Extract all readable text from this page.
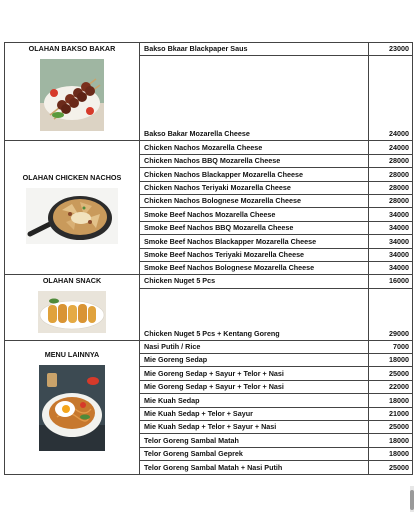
OLAHAN BAKSO BAKAR	Bakso Bkaar Blackpaper Saus	23000
	Bakso Bakar Mozarella Cheese	24000

OLAHAN CHICKEN NACHOS	Chicken Nachos Mozarella Cheese	24000
	Chicken Nachos BBQ Mozarella Cheese	28000
	Chicken Nachos Blackapper Mozarella Cheese	28000
	Chicken Nachos Teriyaki Mozarella Cheese	28000
	Chicken Nachos Bolognese Mozarella Cheese	28000
	Smoke Beef Nachos Mozarella Cheese	34000
	Smoke Beef Nachos BBQ Mozarella Cheese	34000
	Smoke Beef Nachos Blackapper Mozarella Cheese	34000
	Smoke Beef Nachos Teriyaki Mozarella Cheese	34000
	Smoke Beef Nachos Bolognese Mozarella Cheese	34000

OLAHAN SNACK	Chicken Nuget 5 Pcs	16000
	Chicken Nuget 5 Pcs + Kentang Goreng	29000

MENU LAINNYA	Nasi Putih / Rice	7000
	Mie Goreng Sedap	18000
	Mie Goreng Sedap + Sayur + Telor + Nasi	25000
	Mie Goreng Sedap + Sayur + Telor + Nasi	22000
	Mie Kuah Sedap	18000
	Mie Kuah Sedap + Telor + Sayur	21000
	Mie Kuah Sedap + Telor + Sayur + Nasi	25000
	Telor Goreng Sambal Matah	18000
	Telor Goreng Sambal Geprek	18000
	Telor Goreng Sambal Matah + Nasi Putih	25000
